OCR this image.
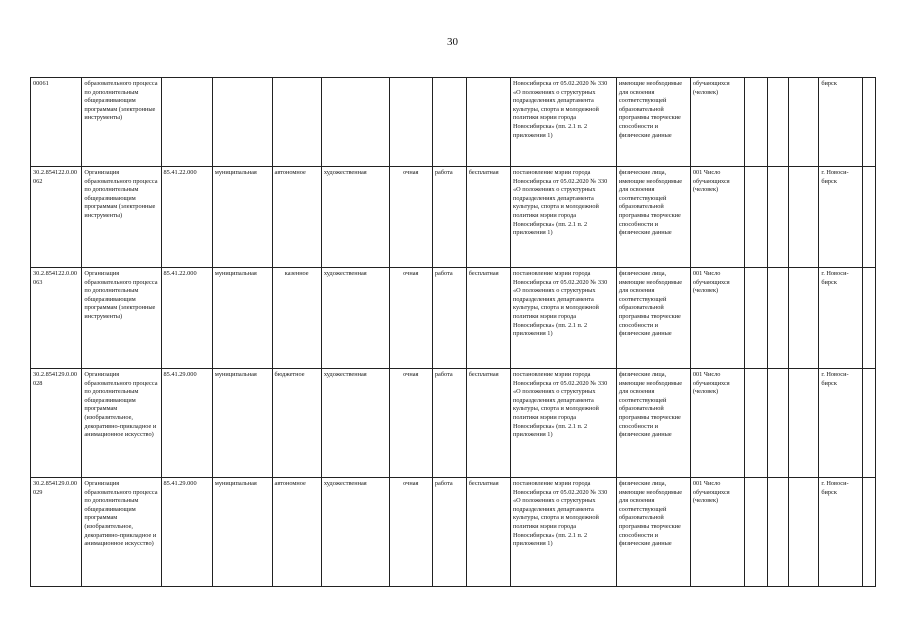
30
00061	образовательного процесса по дополнительным общеразвивающим программам (электронные инструменты)								Новосибирска от 05.02.2020 № 330 «О положениях о структурных подразделениях департамента культуры, спорта и молодежной политики мэрии города Новосибирска» (пп. 2.1 п. 2 приложения 1)	имеющие необходимые для освоения соответствующей образовательной программы творческие способности и физические данные	обучающихся (человек)				бирск	
30.2.854122.0.00062	Организация образовательного процесса по дополнительным общеразвивающим программам (электронные инструменты)	85.41.22.000	муниципальная	автономное	художественная	очная	работа	бесплатная	постановление мэрии города Новосибирска от 05.02.2020 № 330 «О положениях о структурных подразделениях департамента культуры, спорта и молодежной политики мэрии города Новосибирска» (пп. 2.1 п. 2 приложения 1)	физические лица, имеющие необходимые для освоения соответствующей образовательной программы творческие способности и физические данные	001 Число обучающихся (человек)				г. Новоси-бирск	
30.2.854122.0.00063	Организация образовательного процесса по дополнительным общеразвивающим программам (электронные инструменты)	85.41.22.000	муниципальная	казенное	художественная	очная	работа	бесплатная	постановление мэрии города Новосибирска от 05.02.2020 № 330 «О положениях о структурных подразделениях департамента культуры, спорта и молодежной политики мэрии города Новосибирска» (пп. 2.1 п. 2 приложения 1)	физические лица, имеющие необходимые для освоения соответствующей образовательной программы творческие способности и физические данные	001 Число обучающихся (человек)				г. Новоси-бирск	
30.2.854129.0.00028	Организация образовательного процесса по дополнительным общеразвивающим программам (изобразительное, декоративно-прикладное и анимационное искусство)	85.41.29.000	муниципальная	бюджетное	художественная	очная	работа	бесплатная	постановление мэрии города Новосибирска от 05.02.2020 № 330 «О положениях о структурных подразделениях департамента культуры, спорта и молодежной политики мэрии города Новосибирска» (пп. 2.1 п. 2 приложения 1)	физические лица, имеющие необходимые для освоения соответствующей образовательной программы творческие способности и физические данные	001 Число обучающихся (человек)				г. Новоси-бирск	
30.2.854129.0.00029	Организация образовательного процесса по дополнительным общеразвивающим программам (изобразительное, декоративно-прикладное и анимационное искусство)	85.41.29.000	муниципальная	автономное	художественная	очная	работа	бесплатная	постановление мэрии города Новосибирска от 05.02.2020 № 330 «О положениях о структурных подразделениях департамента культуры, спорта и молодежной политики мэрии города Новосибирска» (пп. 2.1 п. 2 приложения 1)	физические лица, имеющие необходимые для освоения соответствующей образовательной программы творческие способности и физические данные	001 Число обучающихся (человек)				г. Новоси-бирск	
